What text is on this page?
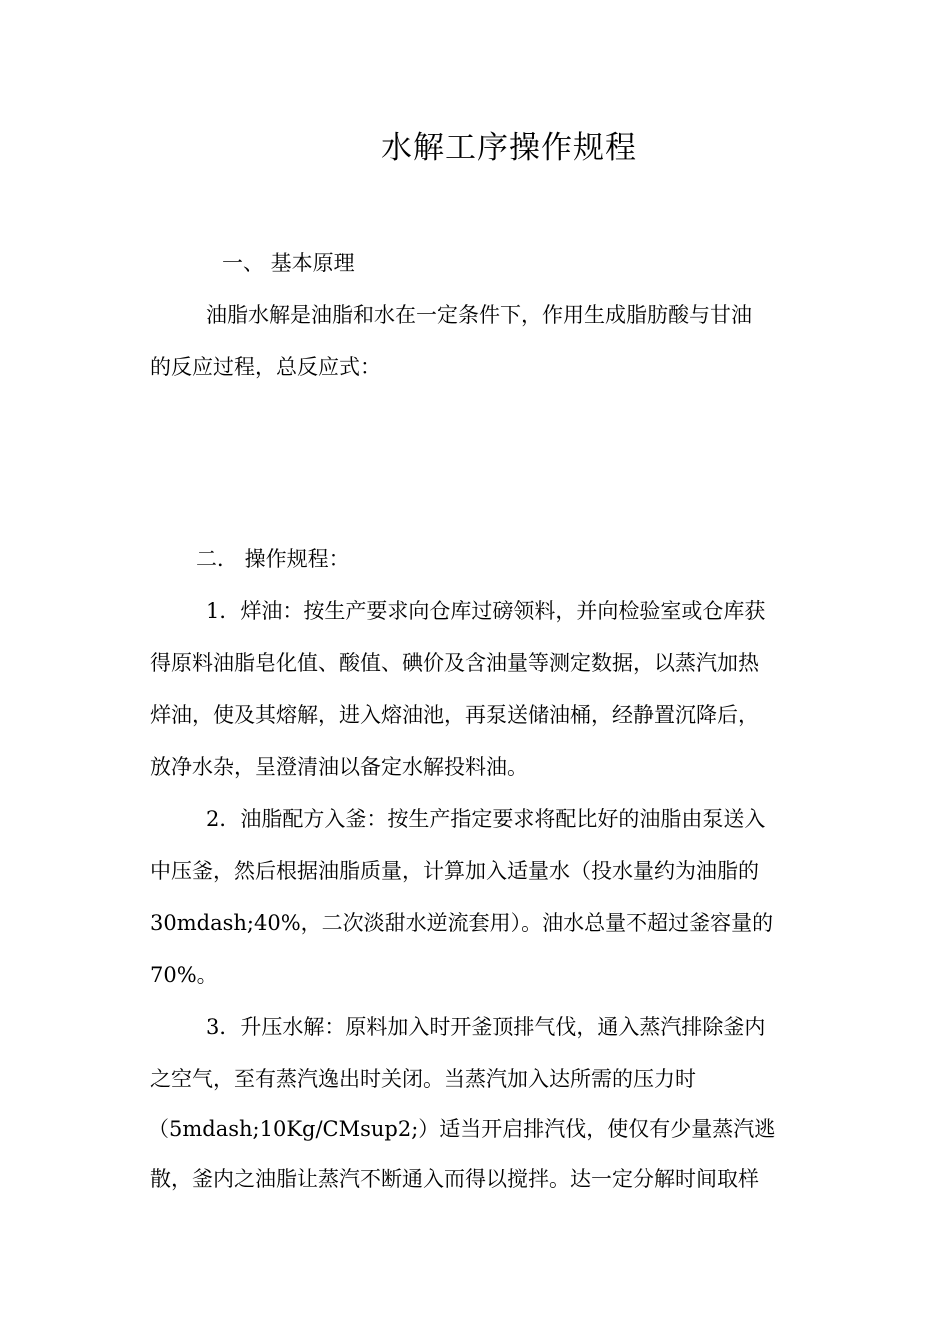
水解工序操作规程

一、 基本原理

油脂水解是油脂和水在一定条件下，作用生成脂肪酸与甘油

的反应过程，总反应式：

二． 操作规程：

1．烊油：按生产要求向仓库过磅领料，并向检验室或仓库获

得原料油脂皂化值、酸值、碘价及含油量等测定数据，以蒸汽加热

烊油，使及其熔解，进入熔油池，再泵送储油桶，经静置沉降后，

放净水杂，呈澄清油以备定水解投料油。

2．油脂配方入釜：按生产指定要求将配比好的油脂由泵送入

中压釜，然后根据油脂质量，计算加入适量水（投水量约为油脂的

30mdash;40%，二次淡甜水逆流套用）。油水总量不超过釜容量的

70%。

3．升压水解：原料加入时开釜顶排气伐，通入蒸汽排除釜内

之空气，至有蒸汽逸出时关闭。当蒸汽加入达所需的压力时

（5mdash;10Kg/CMsup2;）适当开启排汽伐，使仅有少量蒸汽逃

散，釜内之油脂让蒸汽不断通入而得以搅拌。达一定分解时间取样
